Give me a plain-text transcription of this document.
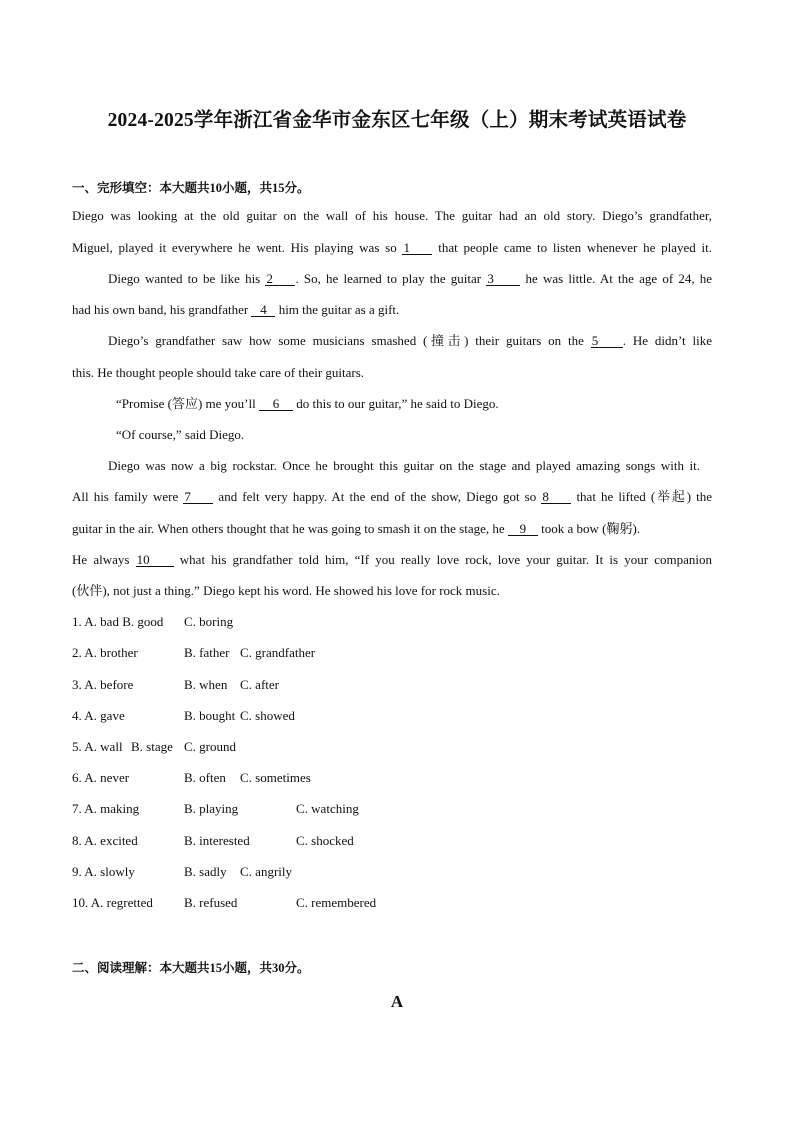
2024-2025学年浙江省金华市金东区七年级（上）期末考试英语试卷
一、完形填空：本大题共10小题，共15分。
Diego was looking at the old guitar on the wall of his house. The guitar had an old story. Diego’s grandfather,
Miguel, played it everywhere he went. His playing was so 1 that people came to listen whenever he played it.
Diego wanted to be like his 2 . So, he learned to play the guitar 3 he was little. At the age of 24, he
had his own band, his grandfather 4 him the guitar as a gift.
Diego’s grandfather saw how some musicians smashed (撞击) their guitars on the 5 . He didn’t like
this. He thought people should take care of their guitars.
“Promise (答应) me you’ll 6 do this to our guitar,” he said to Diego.
“Of course,” said Diego.
Diego was now a big rockstar. Once he brought this guitar on the stage and played amazing songs with it.
All his family were 7 and felt very happy. At the end of the show, Diego got so 8 that he lifted (举起) the
guitar in the air. When others thought that he was going to smash it on the stage, he 9 took a bow (鞠躬).
He always 10 what his grandfather told him, “If you really love rock, love your guitar. It is your companion
(伙伴), not just a thing.” Diego kept his word. He showed his love for rock music.
1. A. bad B. good C. boring
2. A. brother	B. father C. grandfather
3. A. before	B. when C. after
4. A. gave	B. bought C. showed
5. A. wall B. stage C. ground
6. A. never	B. often C. sometimes
7. A. making	B. playing	C. watching
8. A. excited	B. interested	C. shocked
9. A. slowly	B. sadly C. angrily
10. A. regretted B. refused	C. remembered
二、阅读理解：本大题共15小题，共30分。
A
